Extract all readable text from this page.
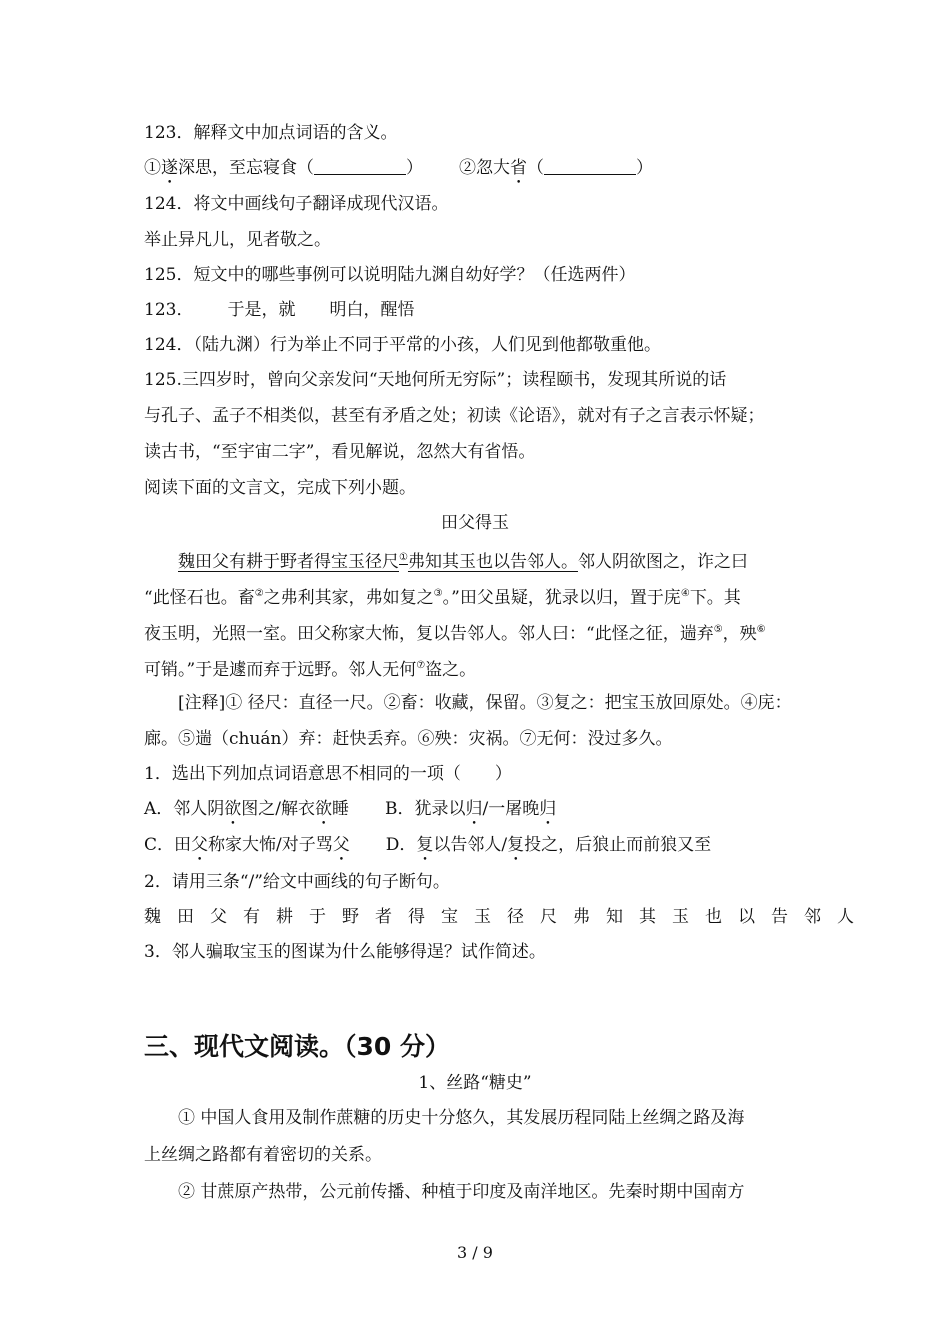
123．解释文中加点词语的含义。
①遂深思，至忘寝食（	） ②忽大省（	）
124．将文中画线句子翻译成现代汉语。
举止异凡儿，见者敬之。
125．短文中的哪些事例可以说明陆九渊自幼好学？（任选两件）
123． 于是，就 明白，醒悟
124．（陆九渊）行为举止不同于平常的小孩，人们见到他都敬重他。
125.三四岁时，曾向父亲发问“天地何所无穷际”；读程颐书，发现其所说的话
与孔子、孟子不相类似，甚至有矛盾之处；初读《论语》，就对有子之言表示怀疑；
读古书，“至宇宙二字”，看见解说，忽然大有省悟。
阅读下面的文言文，完成下列小题。
田父得玉
魏田父有耕于野者得宝玉径尺①弗知其玉也以告邻人。邻人阴欲图之，诈之曰
“此怪石也。畜②之弗利其家，弗如复之③。”田父虽疑，犹录以归，置于庑④下。其
夜玉明，光照一室。田父称家大怖，复以告邻人。邻人曰：“此怪之征，遄弃⑤，殃⑥
可销。”于是遽而弃于远野。邻人无何⑦盗之。
[注释]① 径尺：直径一尺。②畜：收藏，保留。③复之：把宝玉放回原处。④庑：
廊。⑤遄（chuán）弃：赶快丢弃。⑥殃：灾祸。⑦无何：没过多久。
1．选出下列加点词语意思不相同的一项（　　）
A．邻人阴欲图之/解衣欲睡 B．犹录以归/一屠晚归
C．田父称家大怖/对子骂父 D．复以告邻人/复投之，后狼止而前狼又至
2．请用三条“/”给文中画线的句子断句。
魏田父有耕于野者得宝玉径尺弗知其玉也以告邻人
3．邻人骗取宝玉的图谋为什么能够得逞？试作简述。
三、现代文阅读。（30 分）
1、丝路“糖史”
① 中国人食用及制作蔗糖的历史十分悠久，其发展历程同陆上丝绸之路及海
上丝绸之路都有着密切的关系。
② 甘蔗原产热带，公元前传播、种植于印度及南洋地区。先秦时期中国南方
3 / 9
